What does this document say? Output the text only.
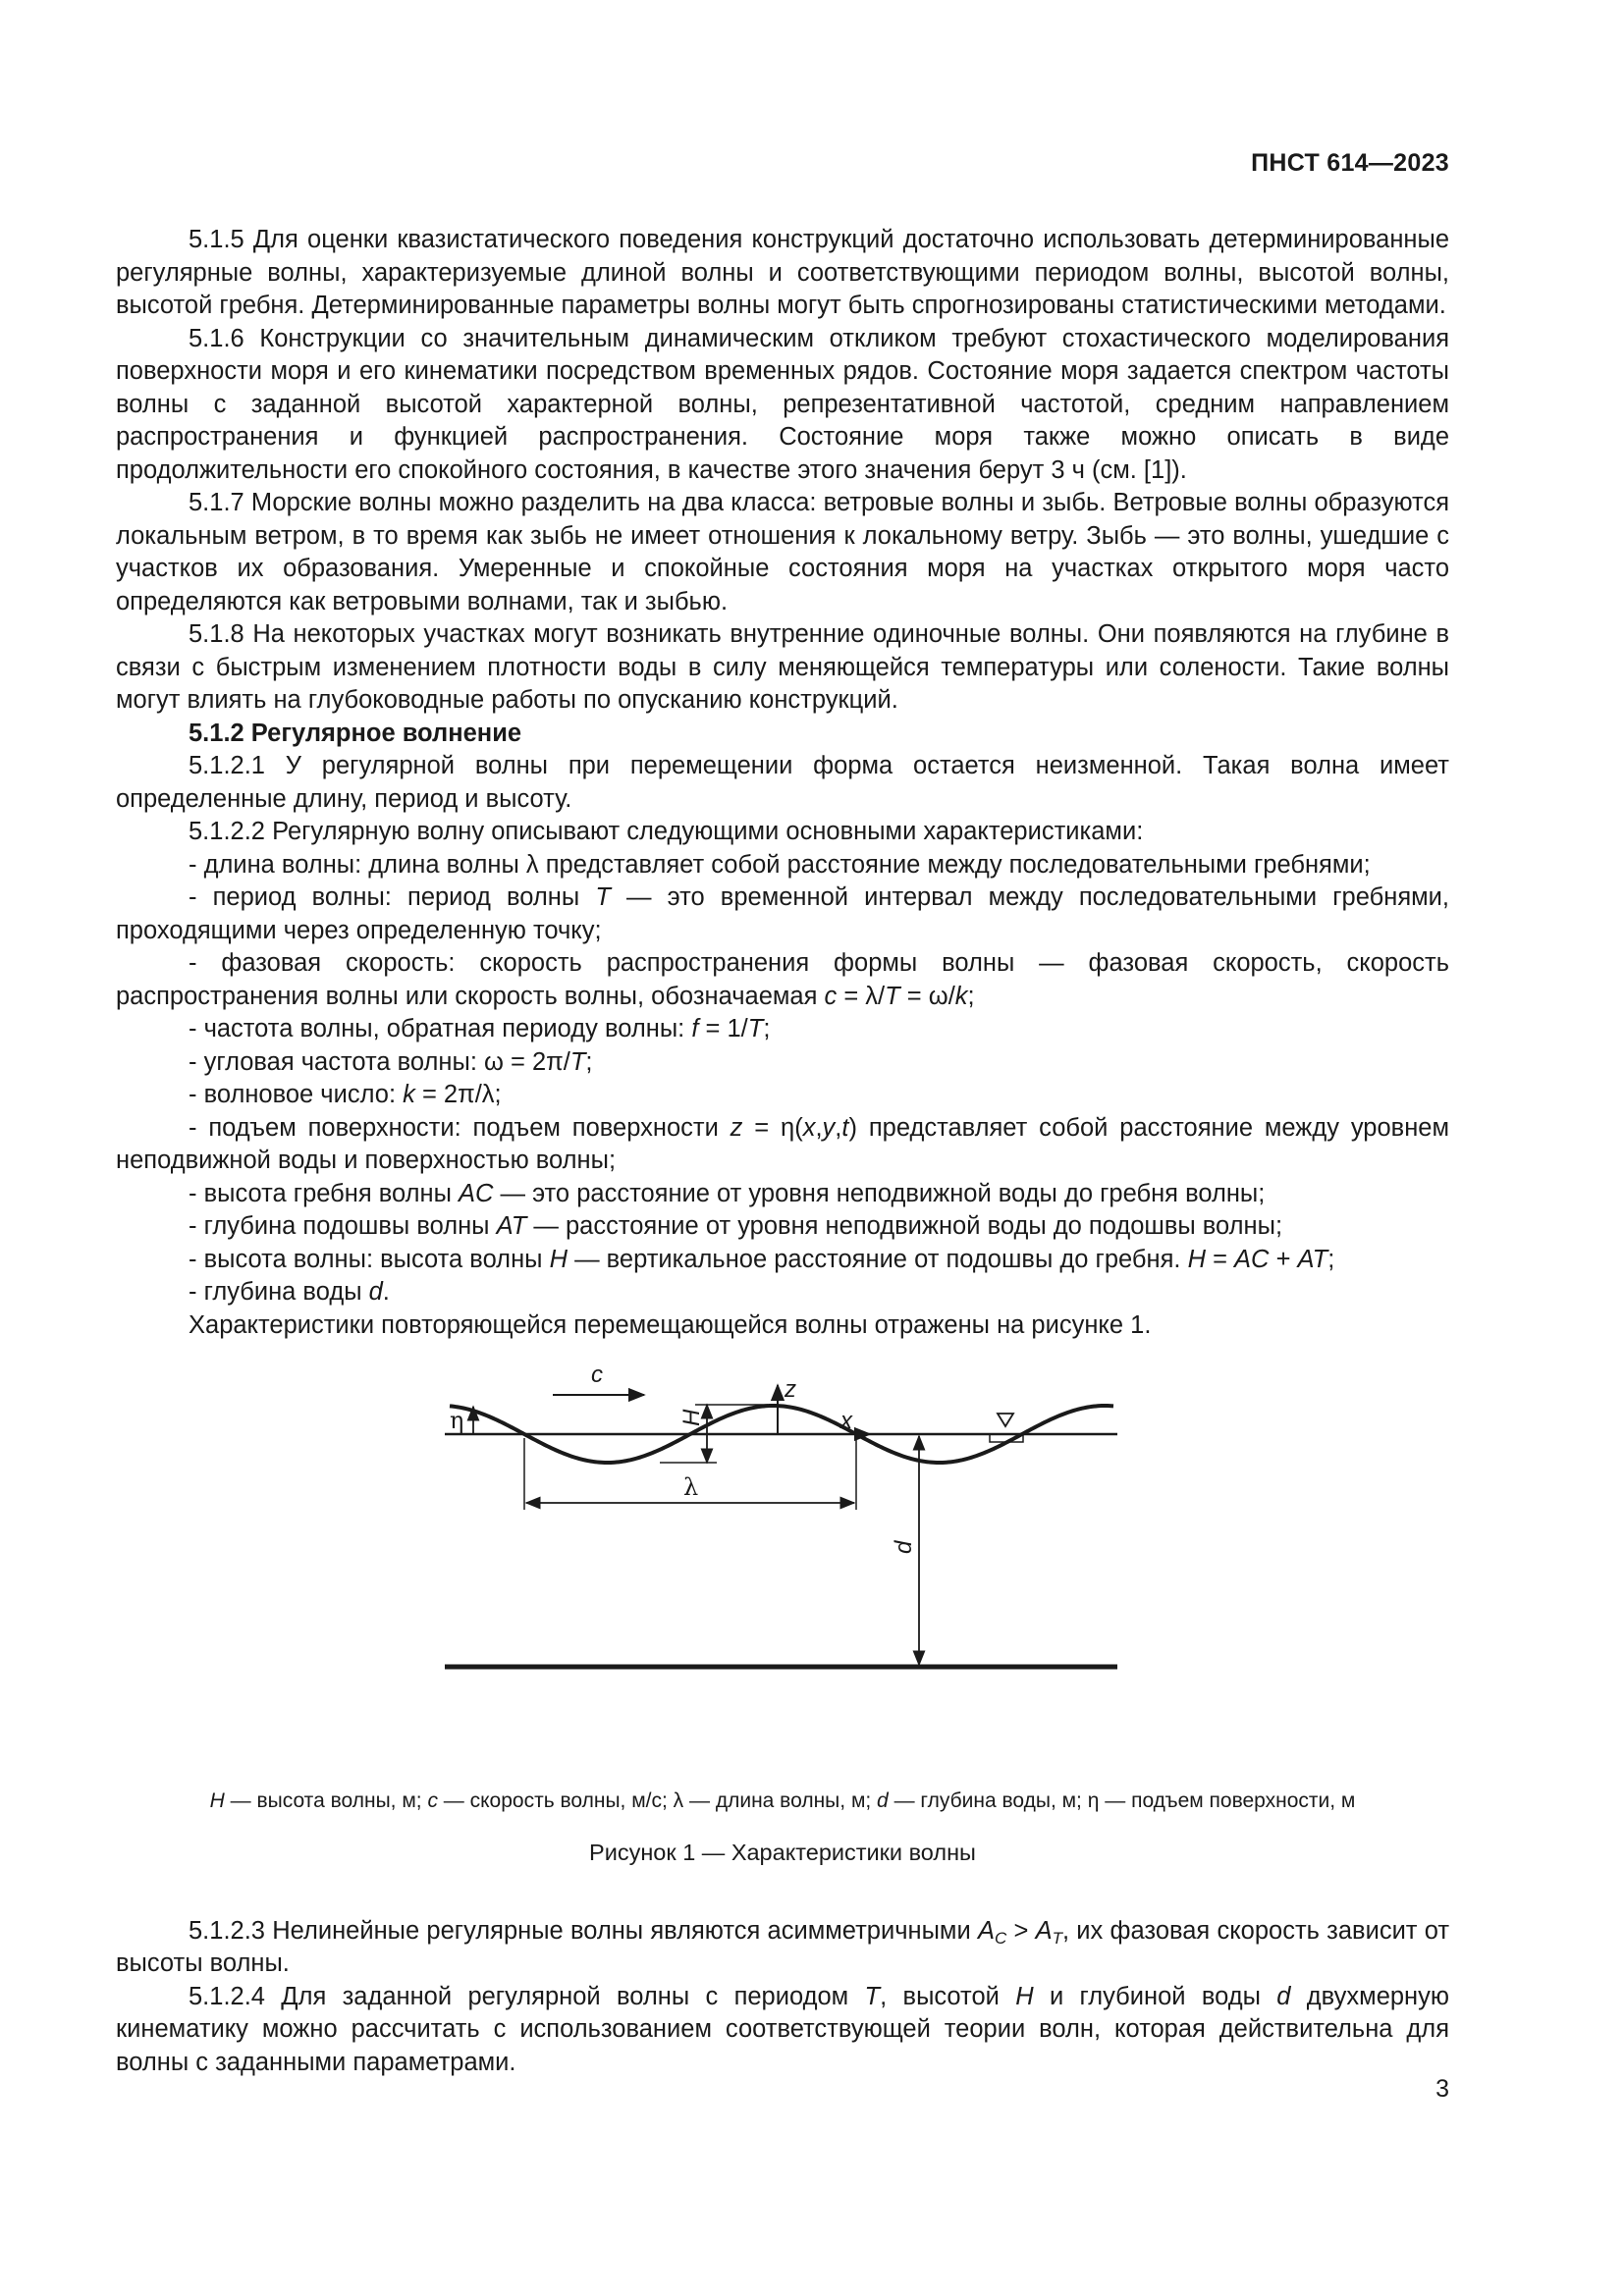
ПНСТ 614—2023

5.1.5 Для оценки квазистатического поведения конструкций достаточно использовать детерминированные регулярные волны, характеризуемые длиной волны и соответствующими периодом волны, высотой волны, высотой гребня. Детерминированные параметры волны могут быть спрогнозированы статистическими методами.

5.1.6 Конструкции со значительным динамическим откликом требуют стохастического моделирования поверхности моря и его кинематики посредством временных рядов. Состояние моря задается спектром частоты волны с заданной высотой характерной волны, репрезентативной частотой, средним направлением распространения и функцией распространения. Состояние моря также можно описать в виде продолжительности его спокойного состояния, в качестве этого значения берут 3 ч (см. [1]).

5.1.7 Морские волны можно разделить на два класса: ветровые волны и зыбь. Ветровые волны образуются локальным ветром, в то время как зыбь не имеет отношения к локальному ветру. Зыбь — это волны, ушедшие с участков их образования. Умеренные и спокойные состояния моря на участках открытого моря часто определяются как ветровыми волнами, так и зыбью.

5.1.8 На некоторых участках могут возникать внутренние одиночные волны. Они появляются на глубине в связи с быстрым изменением плотности воды в силу меняющейся температуры или солености. Такие волны могут влиять на глубоководные работы по опусканию конструкций.

5.1.2 Регулярное волнение

5.1.2.1 У регулярной волны при перемещении форма остается неизменной. Такая волна имеет определенные длину, период и высоту.

5.1.2.2 Регулярную волну описывают следующими основными характеристиками:

- длина волны: длина волны λ представляет собой расстояние между последовательными гребнями;

- период волны: период волны T — это временной интервал между последовательными гребнями, проходящими через определенную точку;

- фазовая скорость: скорость распространения формы волны — фазовая скорость, скорость распространения волны или скорость волны, обозначаемая c = λ/T = ω/k;

- частота волны, обратная периоду волны: f = 1/T;

- угловая частота волны: ω = 2π/T;

- волновое число: k = 2π/λ;

- подъем поверхности: подъем поверхности z = η(x,y,t) представляет собой расстояние между уровнем неподвижной воды и поверхностью волны;

- высота гребня волны AC — это расстояние от уровня неподвижной воды до гребня волны;

- глубина подошвы волны AT — расстояние от уровня неподвижной воды до подошвы волны;

- высота волны: высота волны H — вертикальное расстояние от подошвы до гребня. H = AC + AT;

- глубина воды d.

Характеристики повторяющейся перемещающейся волны отражены на рисунке 1.

c
z
x
H
η
λ
d

H — высота волны, м; c — скорость волны, м/с; λ — длина волны, м; d — глубина воды, м; η — подъем поверхности, м

Рисунок 1 — Характеристики волны

5.1.2.3 Нелинейные регулярные волны являются асимметричными $A_C > A_T$, их фазовая скорость зависит от высоты волны.

5.1.2.4 Для заданной регулярной волны с периодом T, высотой H и глубиной воды d двухмерную кинематику можно рассчитать с использованием соответствующей теории волн, которая действительна для волны с заданными параметрами.

3
